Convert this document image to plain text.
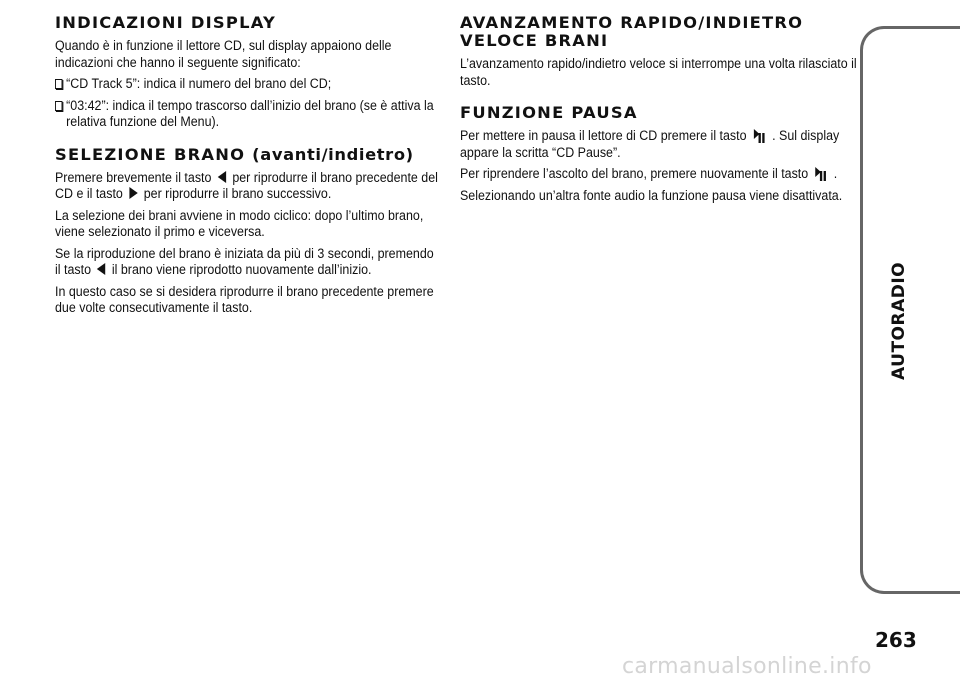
INDICAZIONI DISPLAY

Quando è in funzione il lettore CD, sul display appaiono delle indicazioni che hanno il seguente significato:

“CD Track 5”: indica il numero del brano del CD;

“03:42”: indica il tempo trascorso dall’inizio del brano (se è attiva la relativa funzione del Menu).

SELEZIONE BRANO (avanti/indietro)

Premere brevemente il tasto per riprodurre il brano precedente del CD e il tasto per riprodurre il brano successivo.

La selezione dei brani avviene in modo ciclico: dopo l’ultimo brano, viene selezionato il primo e viceversa.

Se la riproduzione del brano è iniziata da più di 3 secondi, premendo il tasto il brano viene riprodotto nuovamente dall’inizio.

In questo caso se si desidera riprodurre il brano precedente premere due volte consecutivamente il tasto.

AVANZAMENTO RAPIDO/INDIETRO
VELOCE BRANI

L’avanzamento rapido/indietro veloce si interrompe una volta rilasciato il tasto.

FUNZIONE PAUSA

Per mettere in pausa il lettore di CD premere il tasto . Sul display appare la scritta “CD Pause”.

Per riprendere l’ascolto del brano, premere nuovamente il tasto .

Selezionando un’altra fonte audio la funzione pausa viene disattivata.

AUTORADIO
263
carmanualsonline.info
